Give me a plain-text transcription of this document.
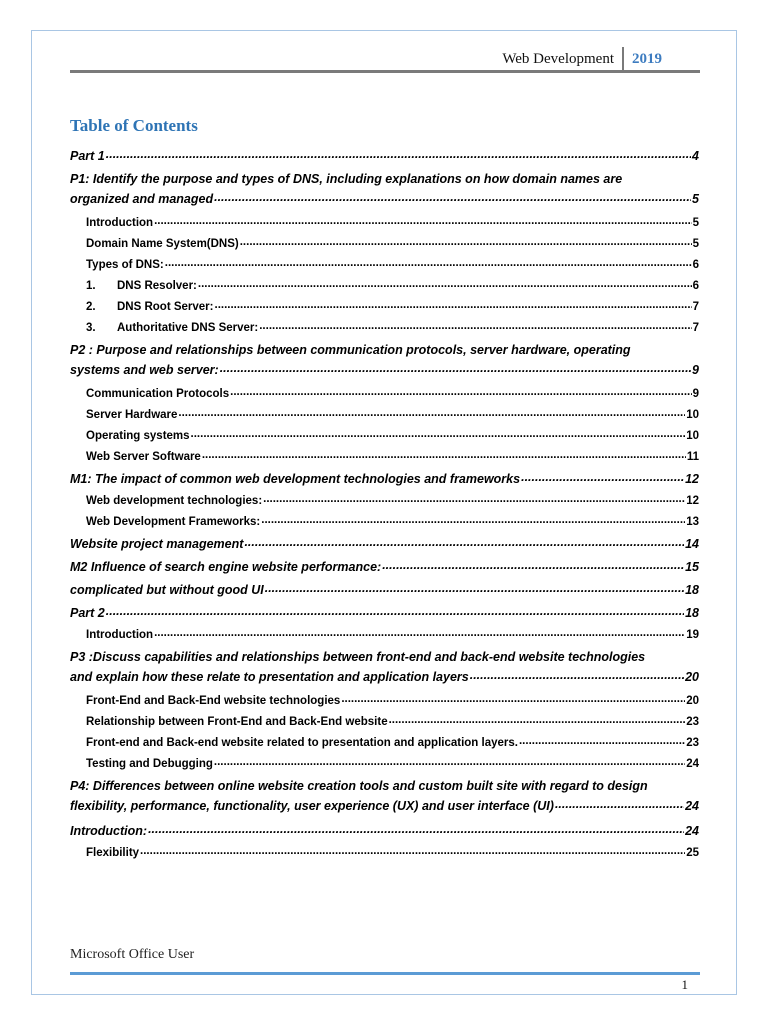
Web Development 2019
Table of Contents
Part 1 .....	4
P1: Identify the purpose and types of DNS, including explanations on how domain names are
organized and managed .....	5
Introduction .....	5
Domain Name System(DNS) .....	5
Types of DNS: .....	6
1.	DNS Resolver: .....	6
2.	DNS Root Server: .....	7
3.	Authoritative DNS Server: .....	7
P2 : Purpose and relationships between communication protocols, server hardware, operating
systems and web server: .....	9
Communication Protocols .....	9
Server Hardware .....	10
Operating systems .....	10
Web Server Software .....	11
M1: The impact of common web development technologies and frameworks .....	12
Web development technologies: .....	12
Web Development Frameworks: .....	13
Website project management .....	14
M2 Influence of search engine website performance: .....	15
complicated but without good UI .....	18
Part 2 .....	18
Introduction .....	19
P3 :Discuss capabilities and relationships between front-end and back-end website technologies
and explain how these relate to presentation and application layers .....	20
Front-End and Back-End website technologies .....	20
Relationship between Front-End and Back-End website .....	23
Front-end and Back-end website related to presentation and application layers. .....	23
Testing and Debugging .....	24
P4: Differences between online website creation tools and custom built site with regard to design
flexibility, performance, functionality, user experience (UX) and user interface (UI) .....	24
Introduction: .....	24
Flexibility .....	25
Microsoft Office User
1
